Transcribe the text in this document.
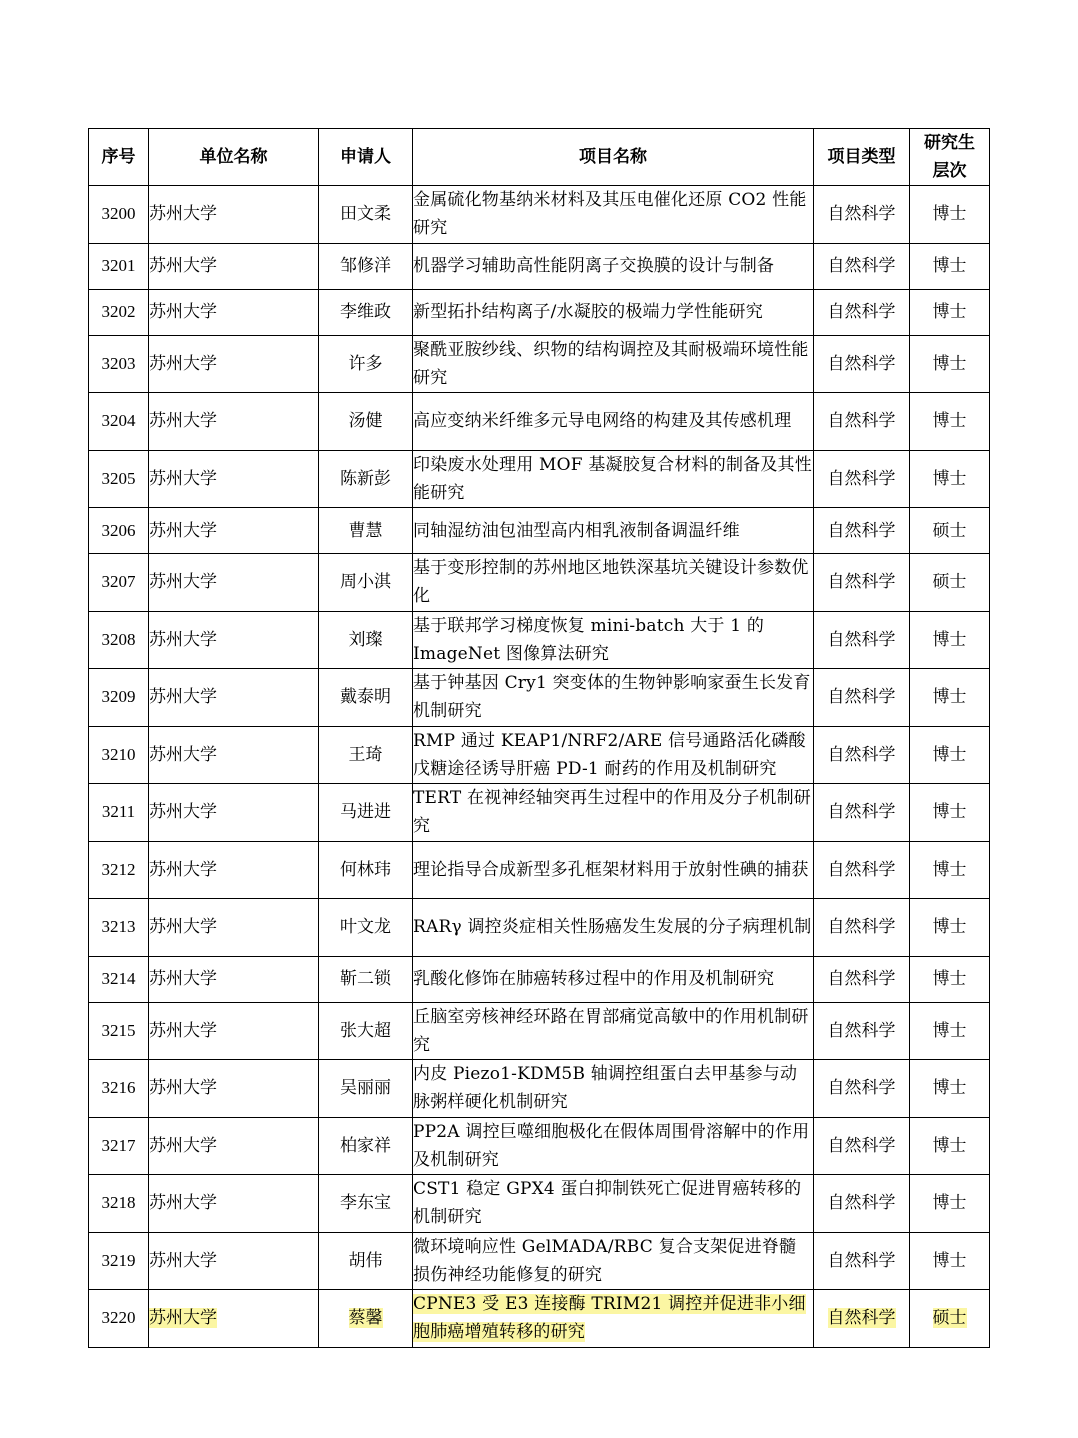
序号	单位名称	申请人	项目名称	项目类型	研究生层次
3200	苏州大学	田文柔	金属硫化物基纳米材料及其压电催化还原 CO2 性能研究	自然科学	博士
3201	苏州大学	邹修洋	机器学习辅助高性能阴离子交换膜的设计与制备	自然科学	博士
3202	苏州大学	李维政	新型拓扑结构离子/水凝胶的极端力学性能研究	自然科学	博士
3203	苏州大学	许多	聚酰亚胺纱线、织物的结构调控及其耐极端环境性能研究	自然科学	博士
3204	苏州大学	汤健	高应变纳米纤维多元导电网络的构建及其传感机理	自然科学	博士
3205	苏州大学	陈新彭	印染废水处理用 MOF 基凝胶复合材料的制备及其性能研究	自然科学	博士
3206	苏州大学	曹慧	同轴湿纺油包油型高内相乳液制备调温纤维	自然科学	硕士
3207	苏州大学	周小淇	基于变形控制的苏州地区地铁深基坑关键设计参数优化	自然科学	硕士
3208	苏州大学	刘璨	基于联邦学习梯度恢复 mini-batch 大于 1 的 ImageNet 图像算法研究	自然科学	博士
3209	苏州大学	戴泰明	基于钟基因 Cry1 突变体的生物钟影响家蚕生长发育机制研究	自然科学	博士
3210	苏州大学	王琦	RMP 通过 KEAP1/NRF2/ARE 信号通路活化磷酸戊糖途径诱导肝癌 PD-1 耐药的作用及机制研究	自然科学	博士
3211	苏州大学	马进进	TERT 在视神经轴突再生过程中的作用及分子机制研究	自然科学	博士
3212	苏州大学	何林玮	理论指导合成新型多孔框架材料用于放射性碘的捕获	自然科学	博士
3213	苏州大学	叶文龙	RARγ 调控炎症相关性肠癌发生发展的分子病理机制	自然科学	博士
3214	苏州大学	靳二锁	乳酸化修饰在肺癌转移过程中的作用及机制研究	自然科学	博士
3215	苏州大学	张大超	丘脑室旁核神经环路在胃部痛觉高敏中的作用机制研究	自然科学	博士
3216	苏州大学	吴丽丽	内皮 Piezo1-KDM5B 轴调控组蛋白去甲基参与动脉粥样硬化机制研究	自然科学	博士
3217	苏州大学	柏家祥	PP2A 调控巨噬细胞极化在假体周围骨溶解中的作用及机制研究	自然科学	博士
3218	苏州大学	李东宝	CST1 稳定 GPX4 蛋白抑制铁死亡促进胃癌转移的机制研究	自然科学	博士
3219	苏州大学	胡伟	微环境响应性 GelMADA/RBC 复合支架促进脊髓损伤神经功能修复的研究	自然科学	博士
3220	苏州大学	蔡馨	CPNE3 受 E3 连接酶 TRIM21 调控并促进非小细胞肺癌增殖转移的研究	自然科学	硕士
